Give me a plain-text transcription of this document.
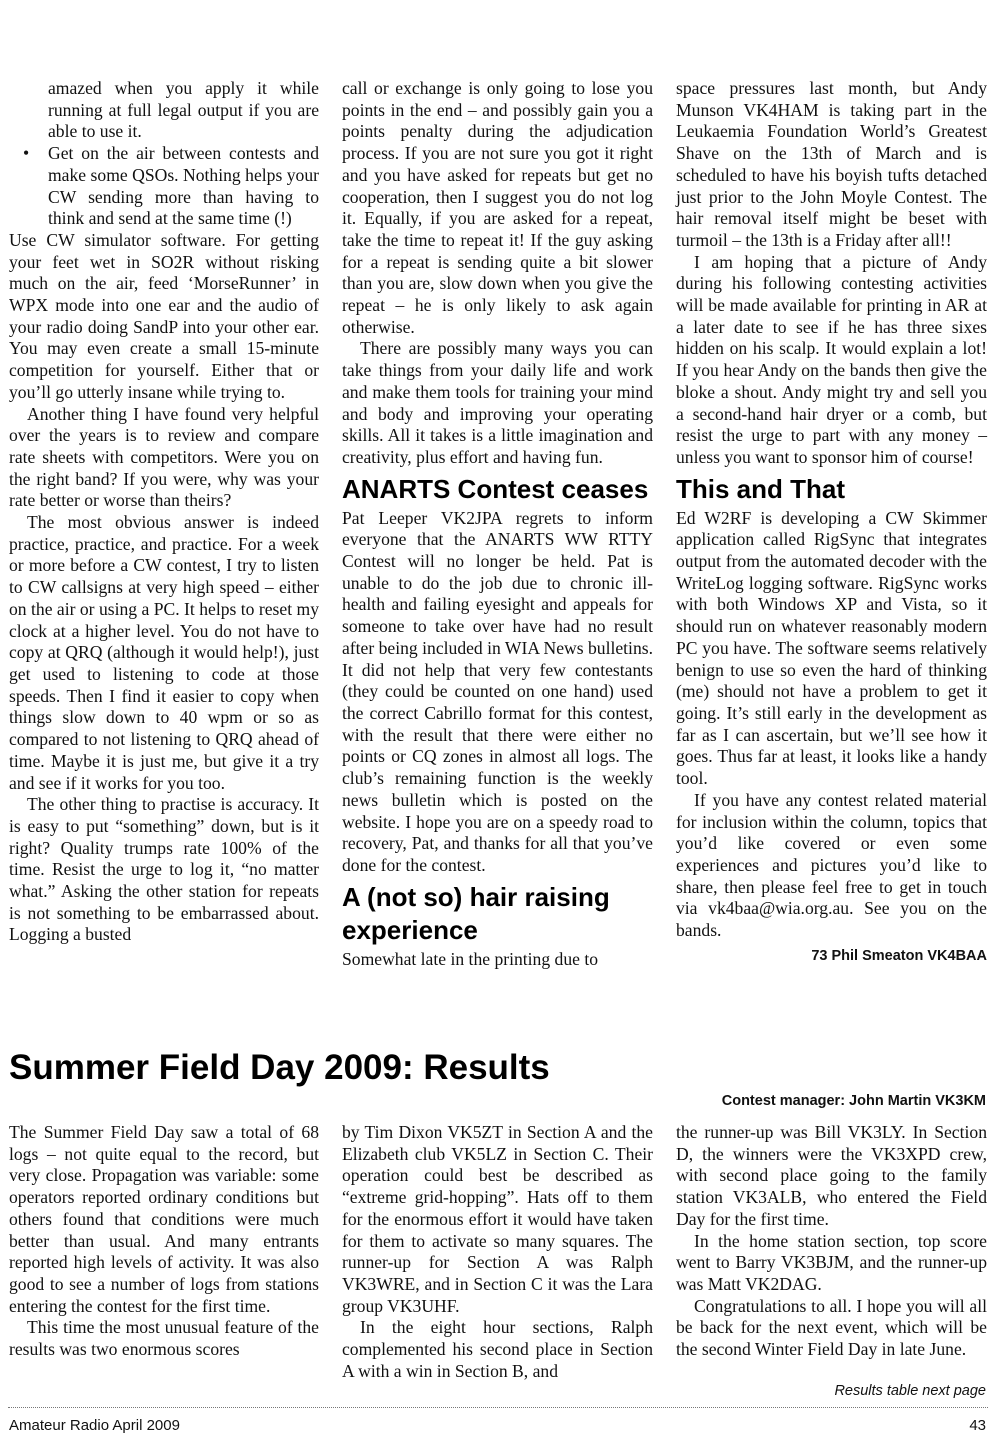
amazed when you apply it while running at full legal output if you are able to use it.
• Get on the air between contests and make some QSOs. Nothing helps your CW sending more than having to think and send at the same time (!)

Use CW simulator software. For getting your feet wet in SO2R without risking much on the air, feed ‘MorseRunner’ in WPX mode into one ear and the audio of your radio doing SandP into your other ear. You may even create a small 15-minute competition for yourself. Either that or you’ll go utterly insane while trying to.

Another thing I have found very helpful over the years is to review and compare rate sheets with competitors. Were you on the right band? If you were, why was your rate better or worse than theirs?

The most obvious answer is indeed practice, practice, and practice. For a week or more before a CW contest, I try to listen to CW callsigns at very high speed – either on the air or using a PC. It helps to reset my clock at a higher level. You do not have to copy at QRQ (although it would help!), just get used to listening to code at those speeds. Then I find it easier to copy when things slow down to 40 wpm or so as compared to not listening to QRQ ahead of time. Maybe it is just me, but give it a try and see if it works for you too.

The other thing to practise is accuracy. It is easy to put “something” down, but is it right? Quality trumps rate 100% of the time. Resist the urge to log it, “no matter what.” Asking the other station for repeats is not something to be embarrassed about. Logging a busted

call or exchange is only going to lose you points in the end – and possibly gain you a points penalty during the adjudication process. If you are not sure you got it right and you have asked for repeats but get no cooperation, then I suggest you do not log it. Equally, if you are asked for a repeat, take the time to repeat it! If the guy asking for a repeat is sending quite a bit slower than you are, slow down when you give the repeat – he is only likely to ask again otherwise.

There are possibly many ways you can take things from your daily life and work and make them tools for training your mind and body and improving your operating skills. All it takes is a little imagination and creativity, plus effort and having fun.

ANARTS Contest ceases

Pat Leeper VK2JPA regrets to inform everyone that the ANARTS WW RTTY Contest will no longer be held. Pat is unable to do the job due to chronic ill-health and failing eyesight and appeals for someone to take over have had no result after being included in WIA News bulletins. It did not help that very few contestants (they could be counted on one hand) used the correct Cabrillo format for this contest, with the result that there were either no points or CQ zones in almost all logs. The club’s remaining function is the weekly news bulletin which is posted on the website. I hope you are on a speedy road to recovery, Pat, and thanks for all that you’ve done for the contest.

A (not so) hair raising experience

Somewhat late in the printing due to

space pressures last month, but Andy Munson VK4HAM is taking part in the Leukaemia Foundation World’s Greatest Shave on the 13th of March and is scheduled to have his boyish tufts detached just prior to the John Moyle Contest. The hair removal itself might be beset with turmoil – the 13th is a Friday after all!!

I am hoping that a picture of Andy during his following contesting activities will be made available for printing in AR at a later date to see if he has three sixes hidden on his scalp. It would explain a lot! If you hear Andy on the bands then give the bloke a shout. Andy might try and sell you a second-hand hair dryer or a comb, but resist the urge to part with any money – unless you want to sponsor him of course!

This and That

Ed W2RF is developing a CW Skimmer application called RigSync that integrates output from the automated decoder with the WriteLog logging software. RigSync works with both Windows XP and Vista, so it should run on whatever reasonably modern PC you have. The software seems relatively benign to use so even the hard of thinking (me) should not have a problem to get it going. It’s still early in the development as far as I can ascertain, but we’ll see how it goes. Thus far at least, it looks like a handy tool.

If you have any contest related material for inclusion within the column, topics that you’d like covered or even some experiences and pictures you’d like to share, then please feel free to get in touch via vk4baa@wia.org.au. See you on the bands.

73 Phil Smeaton VK4BAA
Summer Field Day 2009: Results
Contest manager: John Martin VK3KM

The Summer Field Day saw a total of 68 logs – not quite equal to the record, but very close. Propagation was variable: some operators reported ordinary conditions but others found that conditions were much better than usual. And many entrants reported high levels of activity. It was also good to see a number of logs from stations entering the contest for the first time.

This time the most unusual feature of the results was two enormous scores

by Tim Dixon VK5ZT in Section A and the Elizabeth club VK5LZ in Section C. Their operation could best be described as “extreme grid-hopping”. Hats off to them for the enormous effort it would have taken for them to activate so many squares. The runner-up for Section A was Ralph VK3WRE, and in Section C it was the Lara group VK3UHF.

In the eight hour sections, Ralph complemented his second place in Section A with a win in Section B, and

the runner-up was Bill VK3LY. In Section D, the winners were the VK3XPD crew, with second place going to the family station VK3ALB, who entered the Field Day for the first time.

In the home station section, top score went to Barry VK3BJM, and the runner-up was Matt VK2DAG.

Congratulations to all. I hope you will all be back for the next event, which will be the second Winter Field Day in late June.

Results table next page
Amateur Radio April 2009	43
